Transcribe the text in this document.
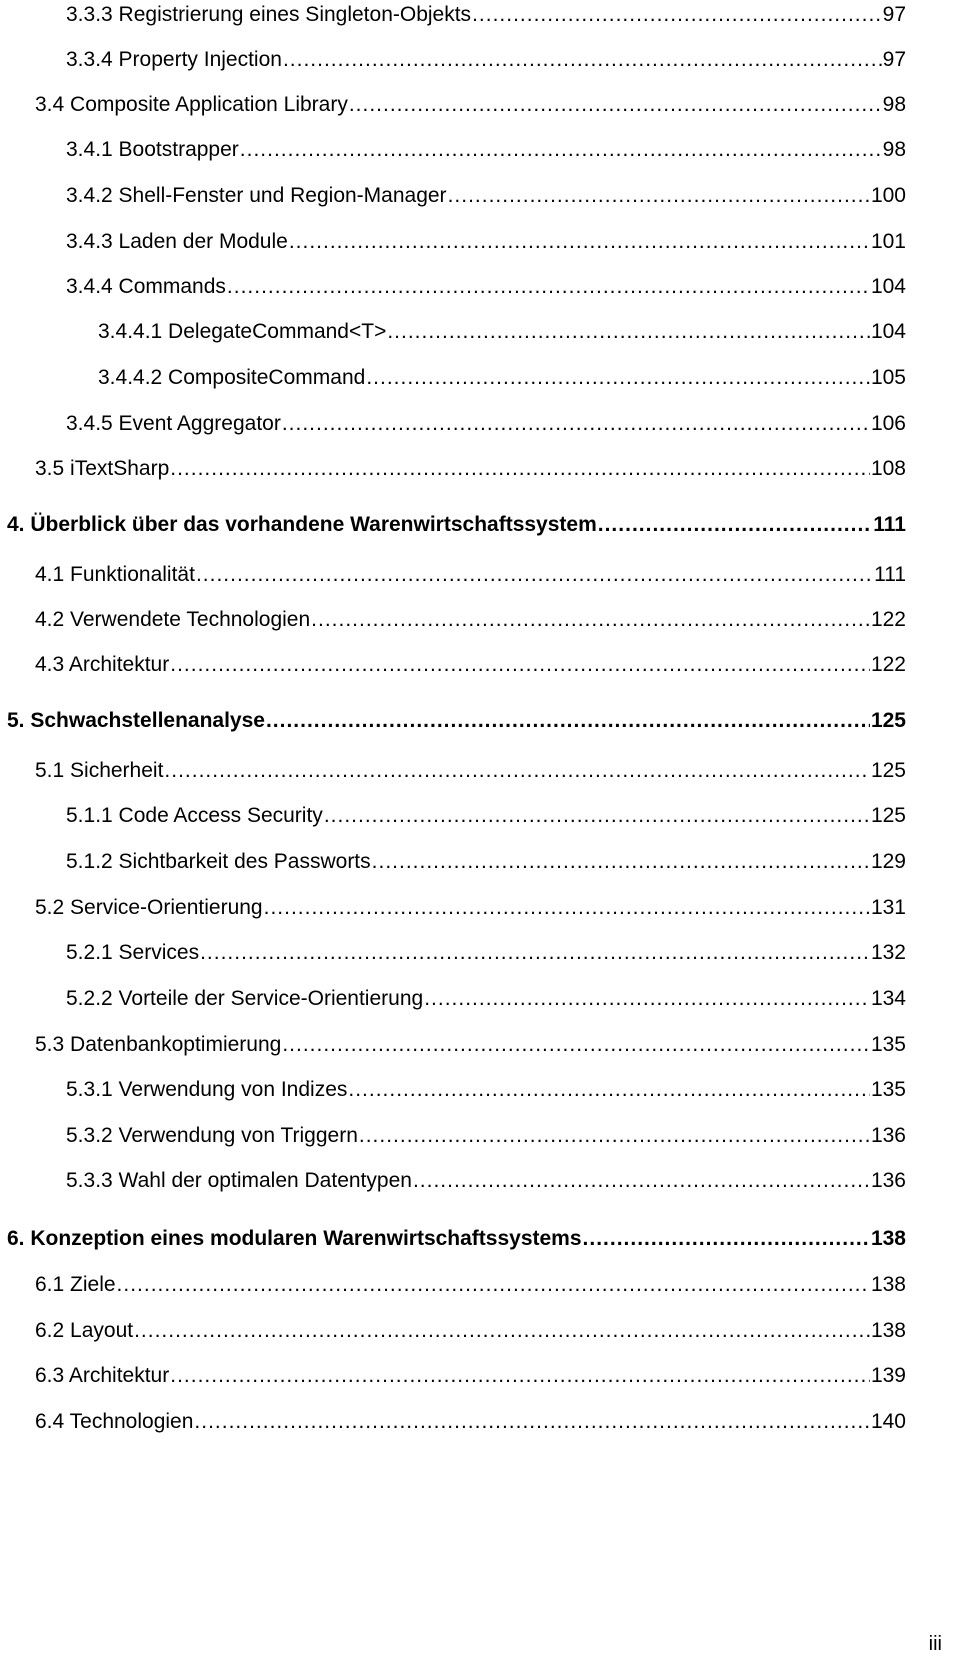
3.3.3 Registrierung eines Singleton-Objekts .....	97
3.3.4 Property Injection .....	97
3.4 Composite Application Library .....	98
3.4.1 Bootstrapper .....	98
3.4.2 Shell-Fenster und Region-Manager .....	100
3.4.3 Laden der Module .....	101
3.4.4 Commands .....	104
3.4.4.1 DelegateCommand<T> .....	104
3.4.4.2 CompositeCommand .....	105
3.4.5 Event Aggregator .....	106
3.5 iTextSharp .....	108
4. Überblick über das vorhandene Warenwirtschaftssystem .....	111
4.1 Funktionalität .....	111
4.2 Verwendete Technologien .....	122
4.3 Architektur .....	122
5. Schwachstellenanalyse .....	125
5.1 Sicherheit .....	125
5.1.1 Code Access Security .....	125
5.1.2 Sichtbarkeit des Passworts .....	129
5.2 Service-Orientierung .....	131
5.2.1 Services .....	132
5.2.2 Vorteile der Service-Orientierung .....	134
5.3 Datenbankoptimierung .....	135
5.3.1 Verwendung von Indizes .....	135
5.3.2 Verwendung von Triggern .....	136
5.3.3 Wahl der optimalen Datentypen .....	136
6. Konzeption eines modularen Warenwirtschaftssystems .....	138
6.1 Ziele .....	138
6.2 Layout .....	138
6.3 Architektur .....	139
6.4 Technologien .....	140
iii
